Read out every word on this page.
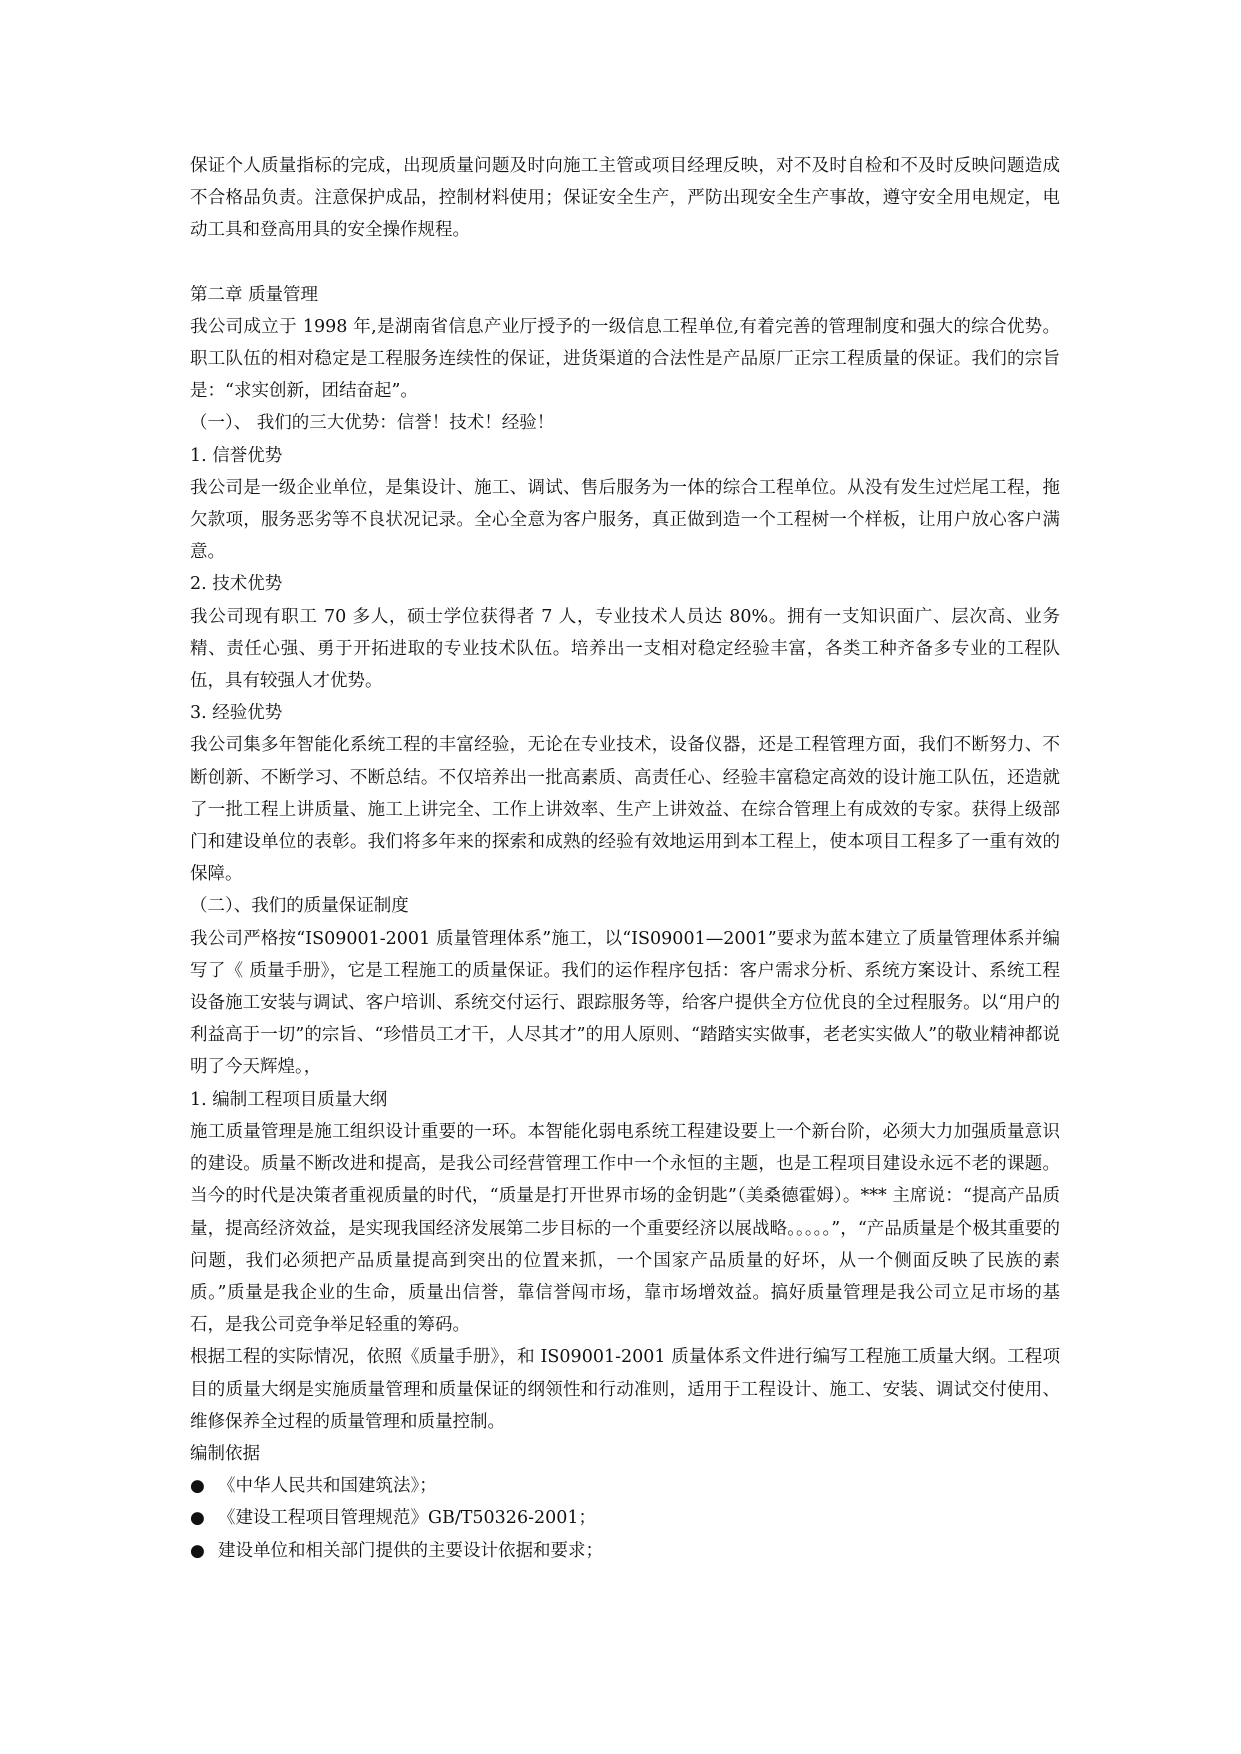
保证个人质量指标的完成，出现质量问题及时向施工主管或项目经理反映，对不及时自检和不及时反映问题造成不合格品负责。注意保护成品，控制材料使用；保证安全生产，严防出现安全生产事故，遵守安全用电规定，电动工具和登高用具的安全操作规程。

第二章 质量管理

我公司成立于 1998 年,是湖南省信息产业厅授予的一级信息工程单位,有着完善的管理制度和强大的综合优势。职工队伍的相对稳定是工程服务连续性的保证，进货渠道的合法性是产品原厂正宗工程质量的保证。我们的宗旨是：“求实创新，团结奋起”。

（一）、 我们的三大优势：信誉！技术！经验！

1. 信誉优势

我公司是一级企业单位，是集设计、施工、调试、售后服务为一体的综合工程单位。从没有发生过烂尾工程，拖欠款项，服务恶劣等不良状况记录。全心全意为客户服务，真正做到造一个工程树一个样板，让用户放心客户满意。

2. 技术优势

我公司现有职工 70 多人，硕士学位获得者 7 人，专业技术人员达 80%。拥有一支知识面广、层次高、业务精、责任心强、勇于开拓进取的专业技术队伍。培养出一支相对稳定经验丰富，各类工种齐备多专业的工程队伍，具有较强人才优势。

3. 经验优势

我公司集多年智能化系统工程的丰富经验，无论在专业技术，设备仪器，还是工程管理方面，我们不断努力、不断创新、不断学习、不断总结。不仅培养出一批高素质、高责任心、经验丰富稳定高效的设计施工队伍，还造就了一批工程上讲质量、施工上讲完全、工作上讲效率、生产上讲效益、在综合管理上有成效的专家。获得上级部门和建设单位的表彰。我们将多年来的探索和成熟的经验有效地运用到本工程上，使本项目工程多了一重有效的保障。

（二）、我们的质量保证制度

我公司严格按“IS09001-2001 质量管理体系”施工，以“IS09001—2001”要求为蓝本建立了质量管理体系并编写了《 质量手册》，它是工程施工的质量保证。我们的运作程序包括：客户需求分析、系统方案设计、系统工程设备施工安装与调试、客户培训、系统交付运行、跟踪服务等，给客户提供全方位优良的全过程服务。以“用户的利益高于一切”的宗旨、“珍惜员工才干，人尽其才”的用人原则、“踏踏实实做事，老老实实做人”的敬业精神都说明了今天辉煌。，

1. 编制工程项目质量大纲

施工质量管理是施工组织设计重要的一环。本智能化弱电系统工程建设要上一个新台阶，必须大力加强质量意识的建设。质量不断改进和提高，是我公司经营管理工作中一个永恒的主题，也是工程项目建设永远不老的课题。当今的时代是决策者重视质量的时代，“质量是打开世界市场的金钥匙”（美桑德霍姆）。*** 主席说：“提高产品质量，提高经济效益，是实现我国经济发展第二步目标的一个重要经济以展战略。。。。。”，“产品质量是个极其重要的问题，我们必须把产品质量提高到突出的位置来抓，一个国家产品质量的好坏，从一个侧面反映了民族的素质。”质量是我企业的生命，质量出信誉，靠信誉闯市场，靠市场增效益。搞好质量管理是我公司立足市场的基石，是我公司竞争举足轻重的筹码。

根据工程的实际情况，依照《质量手册》，和 IS09001-2001 质量体系文件进行编写工程施工质量大纲。工程项目的质量大纲是实施质量管理和质量保证的纲领性和行动准则，适用于工程设计、施工、安装、调试交付使用、维修保养全过程的质量管理和质量控制。

编制依据

● 《中华人民共和国建筑法》；
● 《建设工程项目管理规范》GB/T50326-2001；
● 建设单位和相关部门提供的主要设计依据和要求；
